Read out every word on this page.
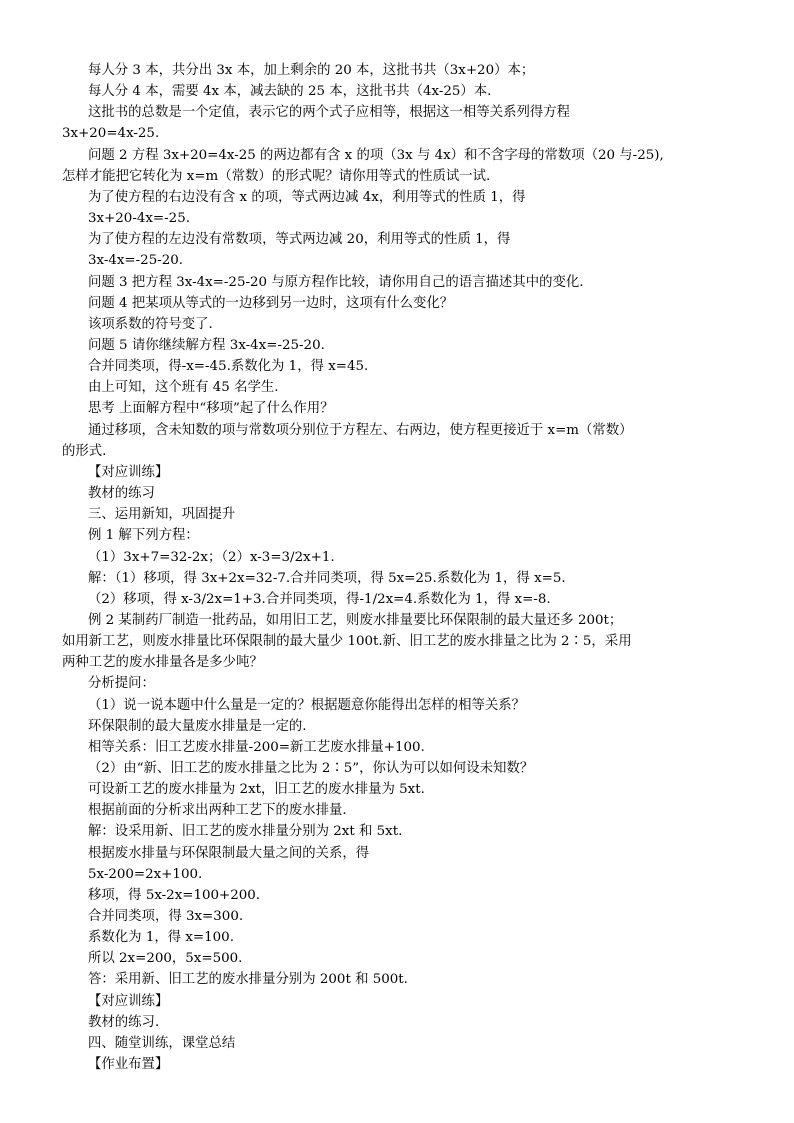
每人分 3 本，共分出 3x 本，加上剩余的 20 本，这批书共（3x+20）本；
每人分 4 本，需要 4x 本，减去缺的 25 本，这批书共（4x-25）本.
这批书的总数是一个定值，表示它的两个式子应相等，根据这一相等关系列得方程
3x+20=4x-25.
问题 2 方程 3x+20=4x-25 的两边都有含 x 的项（3x 与 4x）和不含字母的常数项（20 与-25),
怎样才能把它转化为 x=m（常数）的形式呢？请你用等式的性质试一试.
为了使方程的右边没有含 x 的项，等式两边减 4x，利用等式的性质 1，得
3x+20-4x=-25.
为了使方程的左边没有常数项，等式两边减 20，利用等式的性质 1，得
3x-4x=-25-20.
问题 3 把方程 3x-4x=-25-20 与原方程作比较，请你用自己的语言描述其中的变化.
问题 4 把某项从等式的一边移到另一边时，这项有什么变化？
该项系数的符号变了.
问题 5 请你继续解方程 3x-4x=-25-20.
合并同类项，得-x=-45.系数化为 1，得 x=45.
由上可知，这个班有 45 名学生.
思考 上面解方程中“移项”起了什么作用？
通过移项，含未知数的项与常数项分别位于方程左、右两边，使方程更接近于 x=m（常数）
的形式.
【对应训练】
教材的练习
三、运用新知，巩固提升
例 1 解下列方程：
（1）3x+7=32-2x；（2）x-3=3/2x+1.
解：（1）移项，得 3x+2x=32-7.合并同类项，得 5x=25.系数化为 1，得 x=5.
（2）移项，得 x-3/2x=1+3.合并同类项，得-1/2x=4.系数化为 1，得 x=-8.
例 2 某制药厂制造一批药品，如用旧工艺，则废水排量要比环保限制的最大量还多 200t；
如用新工艺，则废水排量比环保限制的最大量少 100t.新、旧工艺的废水排量之比为 2∶5，采用
两种工艺的废水排量各是多少吨？
分析提问：
（1）说一说本题中什么量是一定的？根据题意你能得出怎样的相等关系？
环保限制的最大量废水排量是一定的.
相等关系：旧工艺废水排量-200=新工艺废水排量+100.
（2）由“新、旧工艺的废水排量之比为 2∶5”，你认为可以如何设未知数？
可设新工艺的废水排量为 2xt，旧工艺的废水排量为 5xt.
根据前面的分析求出两种工艺下的废水排量.
解：设采用新、旧工艺的废水排量分别为 2xt 和 5xt.
根据废水排量与环保限制最大量之间的关系，得
5x-200=2x+100.
移项，得 5x-2x=100+200.
合并同类项，得 3x=300.
系数化为 1，得 x=100.
所以 2x=200，5x=500.
答：采用新、旧工艺的废水排量分别为 200t 和 500t.
【对应训练】
教材的练习.
四、随堂训练，课堂总结
【作业布置】
